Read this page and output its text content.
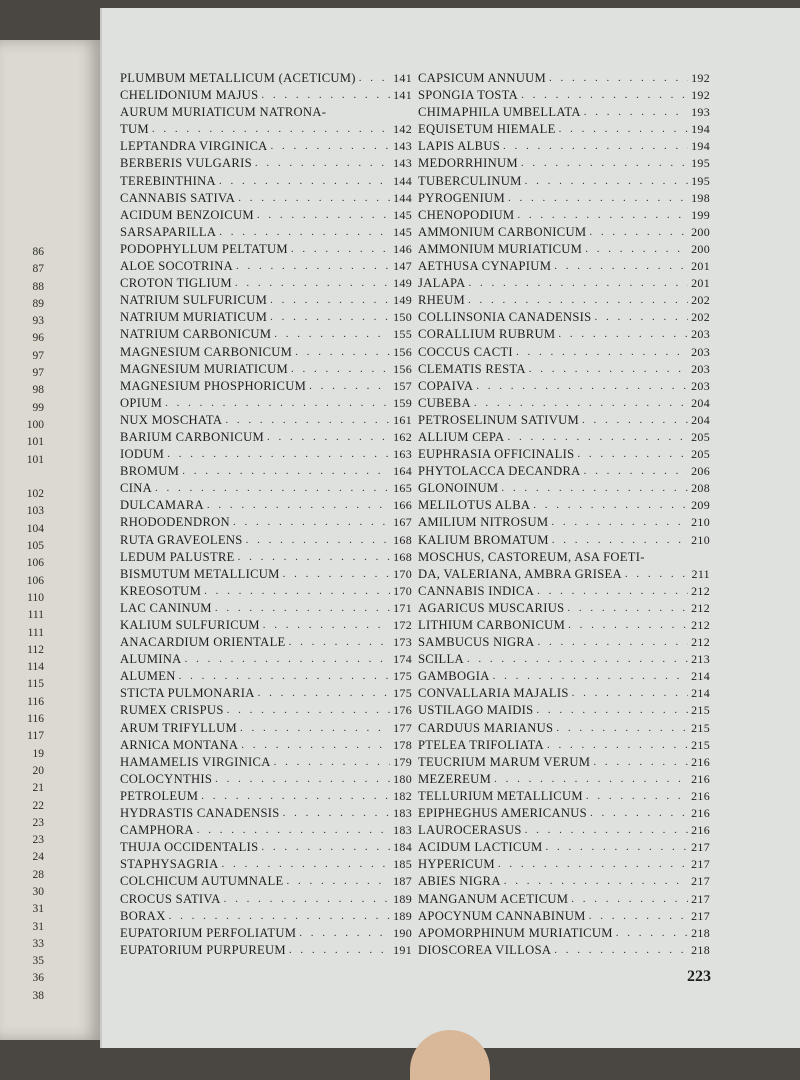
86
87
88
89
93
96
97
97
98
99
100
101
101
102
103
104
105
106
106
110
111
111
112
114
115
116
116
117
19
20
21
22
23
23
24
28
30
31
31
33
35
36
38
PLUMBUM METALLICUM (ACETICUM) . . .	141
CHELIDONIUM MAJUS . . .	141
AURUM MURIATICUM NATRONA-
TUM . . .	142
LEPTANDRA VIRGINICA . . .	143
BERBERIS VULGARIS . . .	143
TEREBINTHINA . . .	144
CANNABIS SATIVA . . .	144
ACIDUM BENZOICUM . . .	145
SARSAPARILLA . . .	145
PODOPHYLLUM PELTATUM . . .	146
ALOE SOCOTRINA . . .	147
CROTON TIGLIUM . . .	149
NATRIUM SULFURICUM . . .	149
NATRIUM MURIATICUM . . .	150
NATRIUM CARBONICUM . . .	155
MAGNESIUM CARBONICUM . . .	156
MAGNESIUM MURIATICUM . . .	156
MAGNESIUM PHOSPHORICUM . . .	157
OPIUM . . .	159
NUX MOSCHATA . . .	161
BARIUM CARBONICUM . . .	162
IODUM . . .	163
BROMUM . . .	164
CINA . . .	165
DULCAMARA . . .	166
RHODODENDRON . . .	167
RUTA GRAVEOLENS . . .	168
LEDUM PALUSTRE . . .	168
BISMUTUM METALLICUM . . .	170
KREOSOTUM . . .	170
LAC CANINUM . . .	171
KALIUM SULFURICUM . . .	172
ANACARDIUM ORIENTALE . . .	173
ALUMINA . . .	174
ALUMEN . . .	175
STICTA PULMONARIA . . .	175
RUMEX CRISPUS . . .	176
ARUM TRIFYLLUM . . .	177
ARNICA MONTANA . . .	178
HAMAMELIS VIRGINICA . . .	179
COLOCYNTHIS . . .	180
PETROLEUM . . .	182
HYDRASTIS CANADENSIS . . .	183
CAMPHORA . . .	183
THUJA OCCIDENTALIS . . .	184
STAPHYSAGRIA . . .	185
COLCHICUM AUTUMNALE . . .	187
CROCUS SATIVA . . .	189
BORAX . . .	189
EUPATORIUM PERFOLIATUM . . .	190
EUPATORIUM PURPUREUM . . .	191
CAPSICUM ANNUUM . . .	192
SPONGIA TOSTA . . .	192
CHIMAPHILA UMBELLATA . . .	193
EQUISETUM HIEMALE . . .	194
LAPIS ALBUS . . .	194
MEDORRHINUM . . .	195
TUBERCULINUM . . .	195
PYROGENIUM . . .	198
CHENOPODIUM . . .	199
AMMONIUM CARBONICUM . . .	200
AMMONIUM MURIATICUM . . .	200
AETHUSA CYNAPIUM . . .	201
JALAPA . . .	201
RHEUM . . .	202
COLLINSONIA CANADENSIS . . .	202
CORALLIUM RUBRUM . . .	203
COCCUS CACTI . . .	203
CLEMATIS RESTA . . .	203
COPAIVA . . .	203
CUBEBA . . .	204
PETROSELINUM SATIVUM . . .	204
ALLIUM CEPA . . .	205
EUPHRASIA OFFICINALIS . . .	205
PHYTOLACCA DECANDRA . . .	206
GLONOINUM . . .	208
MELILOTUS ALBA . . .	209
AMILIUM NITROSUM . . .	210
KALIUM BROMATUM . . .	210
MOSCHUS, CASTOREUM, ASA FOETI-
DA, VALERIANA, AMBRA GRISEA . . .	211
CANNABIS INDICA . . .	212
AGARICUS MUSCARIUS . . .	212
LITHIUM CARBONICUM . . .	212
SAMBUCUS NIGRA . . .	212
SCILLA . . .	213
GAMBOGIA . . .	214
CONVALLARIA MAJALIS . . .	214
USTILAGO MAIDIS . . .	215
CARDUUS MARIANUS . . .	215
PTELEA TRIFOLIATA . . .	215
TEUCRIUM MARUM VERUM . . .	216
MEZEREUM . . .	216
TELLURIUM METALLICUM . . .	216
EPIPHEGHUS AMERICANUS . . .	216
LAUROCERASUS . . .	216
ACIDUM LACTICUM . . .	217
HYPERICUM . . .	217
ABIES NIGRA . . .	217
MANGANUM ACETICUM . . .	217
APOCYNUM CANNABINUM . . .	217
APOMORPHINUM MURIATICUM . . .	218
DIOSCOREA VILLOSA . . .	218
223
